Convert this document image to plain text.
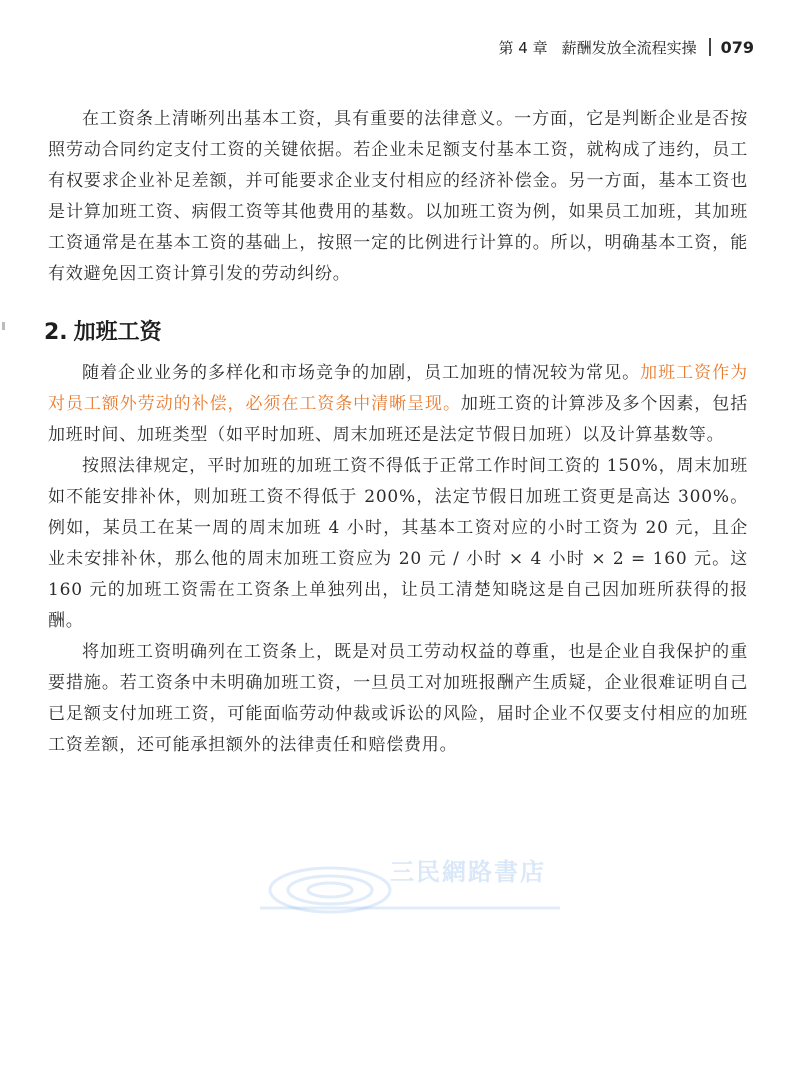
第 4 章 薪酬发放全流程实操 079

在工资条上清晰列出基本工资，具有重要的法律意义。一方面，它是判断企业是否按照劳动合同约定支付工资的关键依据。若企业未足额支付基本工资，就构成了违约，员工有权要求企业补足差额，并可能要求企业支付相应的经济补偿金。另一方面，基本工资也是计算加班工资、病假工资等其他费用的基数。以加班工资为例，如果员工加班，其加班工资通常是在基本工资的基础上，按照一定的比例进行计算的。所以，明确基本工资，能有效避免因工资计算引发的劳动纠纷。

2. 加班工资

随着企业业务的多样化和市场竞争的加剧，员工加班的情况较为常见。加班工资作为对员工额外劳动的补偿，必须在工资条中清晰呈现。加班工资的计算涉及多个因素，包括加班时间、加班类型（如平时加班、周末加班还是法定节假日加班）以及计算基数等。

按照法律规定，平时加班的加班工资不得低于正常工作时间工资的 150%，周末加班如不能安排补休，则加班工资不得低于 200%，法定节假日加班工资更是高达 300%。例如，某员工在某一周的周末加班 4 小时，其基本工资对应的小时工资为 20 元，且企业未安排补休，那么他的周末加班工资应为 20 元 / 小时 × 4 小时 × 2 = 160 元。这 160 元的加班工资需在工资条上单独列出，让员工清楚知晓这是自己因加班所获得的报酬。

将加班工资明确列在工资条上，既是对员工劳动权益的尊重，也是企业自我保护的重要措施。若工资条中未明确加班工资，一旦员工对加班报酬产生质疑，企业很难证明自己已足额支付加班工资，可能面临劳动仲裁或诉讼的风险，届时企业不仅要支付相应的加班工资差额，还可能承担额外的法律责任和赔偿费用。

三民網路書店
